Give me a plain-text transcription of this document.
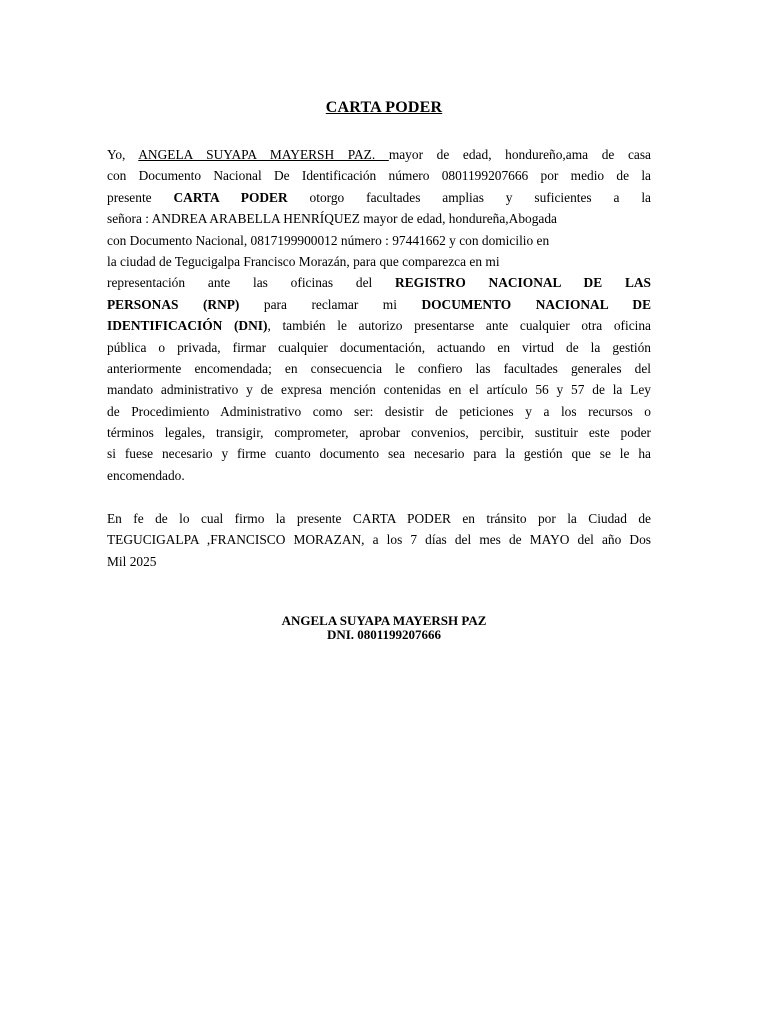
CARTA PODER
Yo, ANGELA SUYAPA MAYERSH PAZ. mayor de edad, hondureño,ama de casa
con Documento Nacional De Identificación número 0801199207666 por medio de la
presente CARTA PODER otorgo facultades amplias y suficientes a la
señora : ANDREA ARABELLA HENRÍQUEZ mayor de edad, hondureña,Abogada
con Documento Nacional, 0817199900012 número : 97441662 y con domicilio en
la ciudad de Tegucigalpa Francisco Morazán, para que comparezca en mi
representación ante las oficinas del REGISTRO NACIONAL DE LAS
PERSONAS (RNP) para reclamar mi DOCUMENTO NACIONAL DE
IDENTIFICACIÓN (DNI), también le autorizo presentarse ante cualquier otra oficina
pública o privada, firmar cualquier documentación, actuando en virtud de la gestión
anteriormente encomendada; en consecuencia le confiero las facultades generales del
mandato administrativo y de expresa mención contenidas en el artículo 56 y 57 de la Ley
de Procedimiento Administrativo como ser: desistir de peticiones y a los recursos o
términos legales, transigir, comprometer, aprobar convenios, percibir, sustituir este poder
si fuese necesario y firme cuanto documento sea necesario para la gestión que se le ha
encomendado.
En fe de lo cual firmo la presente CARTA PODER en tránsito por la Ciudad de
TEGUCIGALPA ,FRANCISCO MORAZAN, a los 7 días del mes de MAYO del año Dos
Mil 2025
ANGELA SUYAPA MAYERSH PAZ
DNI. 0801199207666
